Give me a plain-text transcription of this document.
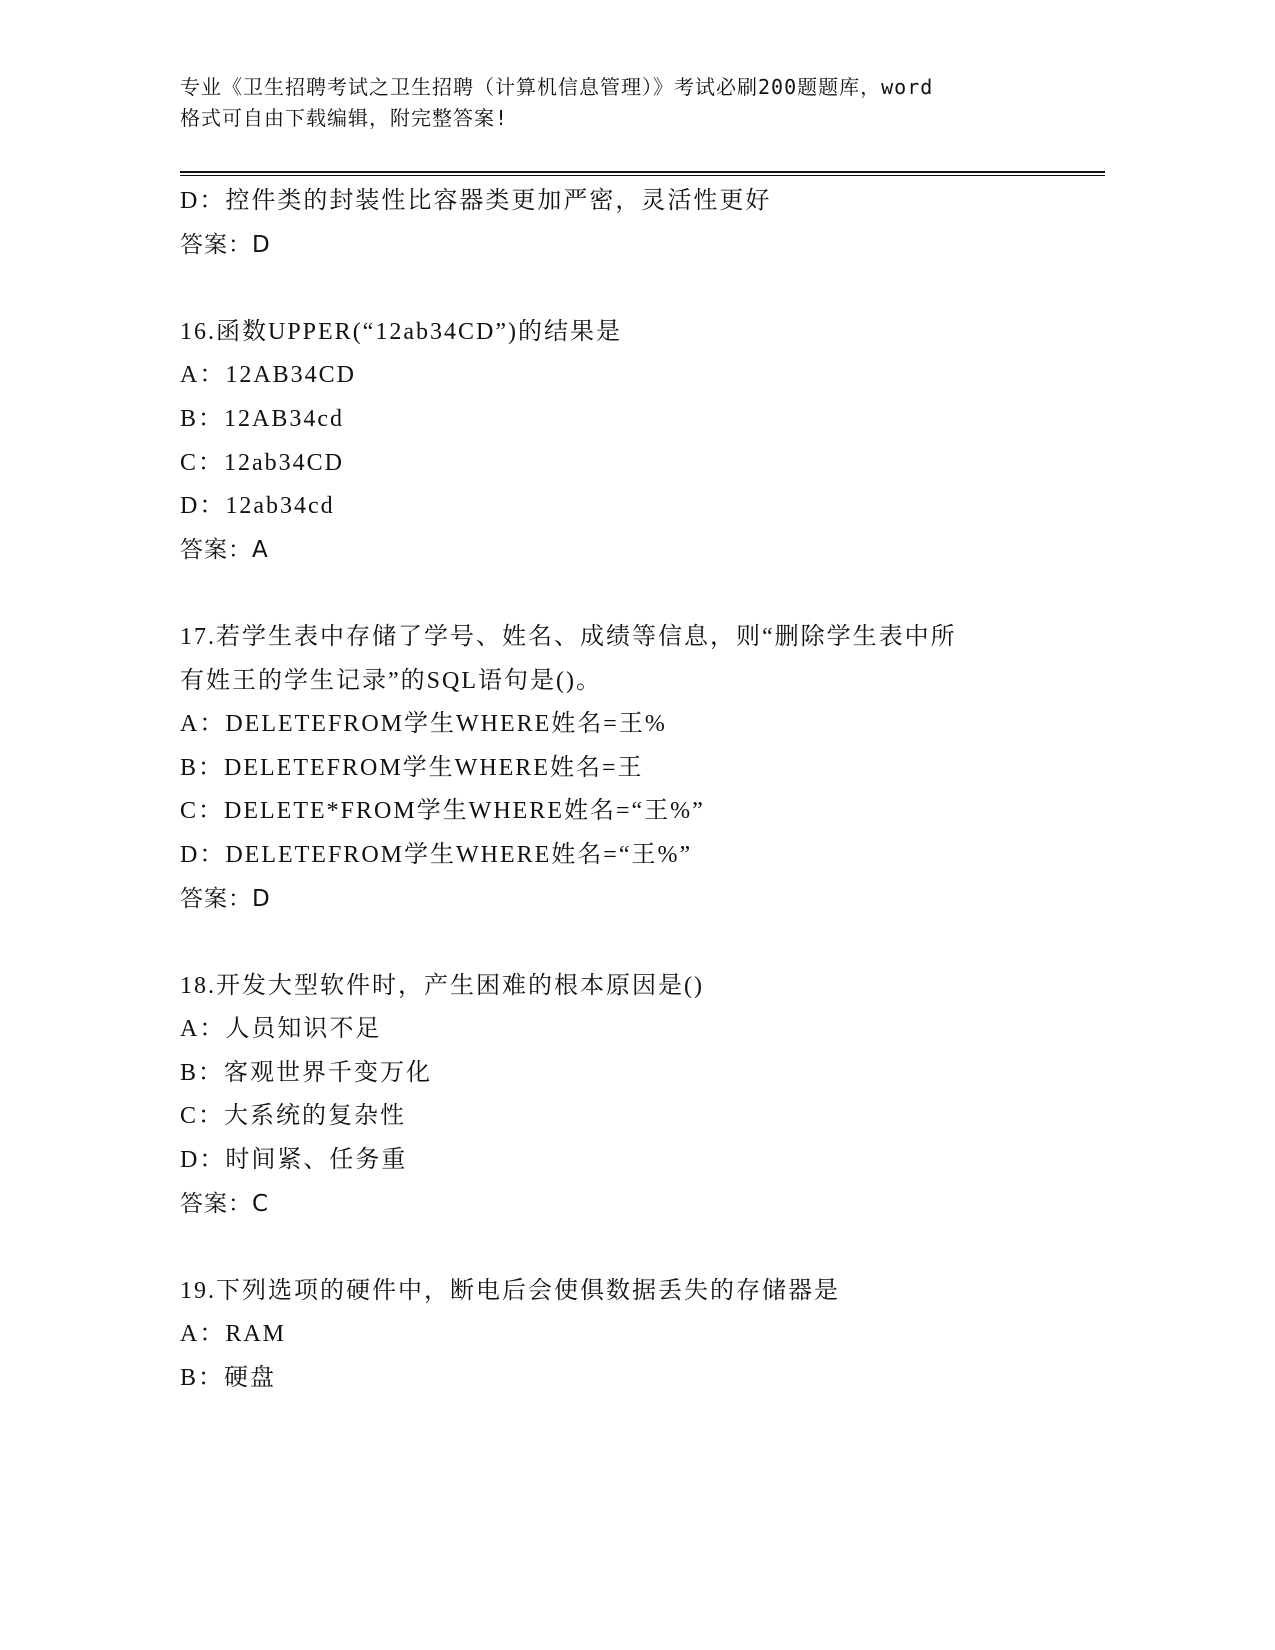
专业《卫生招聘考试之卫生招聘（计算机信息管理）》考试必刷200题题库，word
格式可自由下载编辑，附完整答案!
D：控件类的封装性比容器类更加严密，灵活性更好
答案：D
16.函数UPPER(“12ab34CD”)的结果是
A：12AB34CD
B：12AB34cd
C：12ab34CD
D：12ab34cd
答案：A
17.若学生表中存储了学号、姓名、成绩等信息，则“删除学生表中所
有姓王的学生记录”的SQL语句是()。
A：DELETEFROM学生WHERE姓名=王%
B：DELETEFROM学生WHERE姓名=王
C：DELETE*FROM学生WHERE姓名=“王%”
D：DELETEFROM学生WHERE姓名=“王%”
答案：D
18.开发大型软件时，产生困难的根本原因是()
A：人员知识不足
B：客观世界千变万化
C：大系统的复杂性
D：时间紧、任务重
答案：C
19.下列选项的硬件中，断电后会使俱数据丢失的存储器是
A：RAM
B：硬盘
